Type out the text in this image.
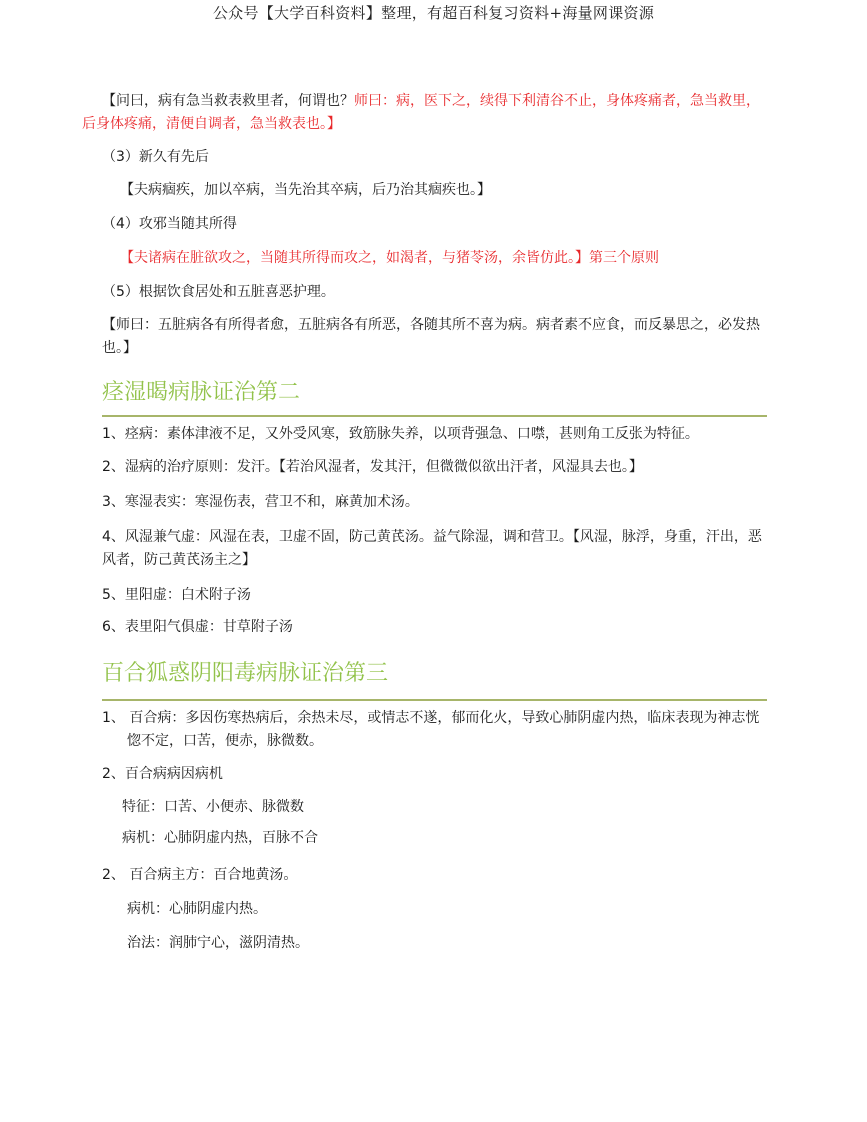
公众号【大学百科资料】整理，有超百科复习资料+海量网课资源

【问曰，病有急当救表救里者，何谓也？师曰：病，医下之，续得下利清谷不止，身体疼痛者，急当救里，后身体疼痛，清便自调者，急当救表也。】

（3）新久有先后

【夫病痼疾，加以卒病，当先治其卒病，后乃治其痼疾也。】

（4）攻邪当随其所得

【夫诸病在脏欲攻之，当随其所得而攻之，如渴者，与猪苓汤，余皆仿此。】第三个原则

（5）根据饮食居处和五脏喜恶护理。

【师曰：五脏病各有所得者愈，五脏病各有所恶，各随其所不喜为病。病者素不应食，而反暴思之，必发热也。】

痉湿暍病脉证治第二

1、痉病：素体津液不足，又外受风寒，致筋脉失养，以项背强急、口噤，甚则角工反张为特征。

2、湿病的治疗原则：发汗。【若治风湿者，发其汗，但微微似欲出汗者，风湿具去也。】

3、寒湿表实：寒湿伤表，营卫不和，麻黄加术汤。

4、风湿兼气虚：风湿在表，卫虚不固，防己黄芪汤。益气除湿，调和营卫。【风湿，脉浮，身重，汗出，恶风者，防己黄芪汤主之】

5、里阳虚：白术附子汤

6、表里阳气俱虚：甘草附子汤

百合狐惑阴阳毒病脉证治第三

1、 百合病：多因伤寒热病后，余热未尽，或情志不遂，郁而化火，导致心肺阴虚内热，临床表现为神志恍惚不定，口苦，便赤，脉微数。

2、百合病病因病机

特征：口苦、小便赤、脉微数

病机：心肺阴虚内热，百脉不合

2、 百合病主方：百合地黄汤。

病机：心肺阴虚内热。

治法：润肺宁心，滋阴清热。
